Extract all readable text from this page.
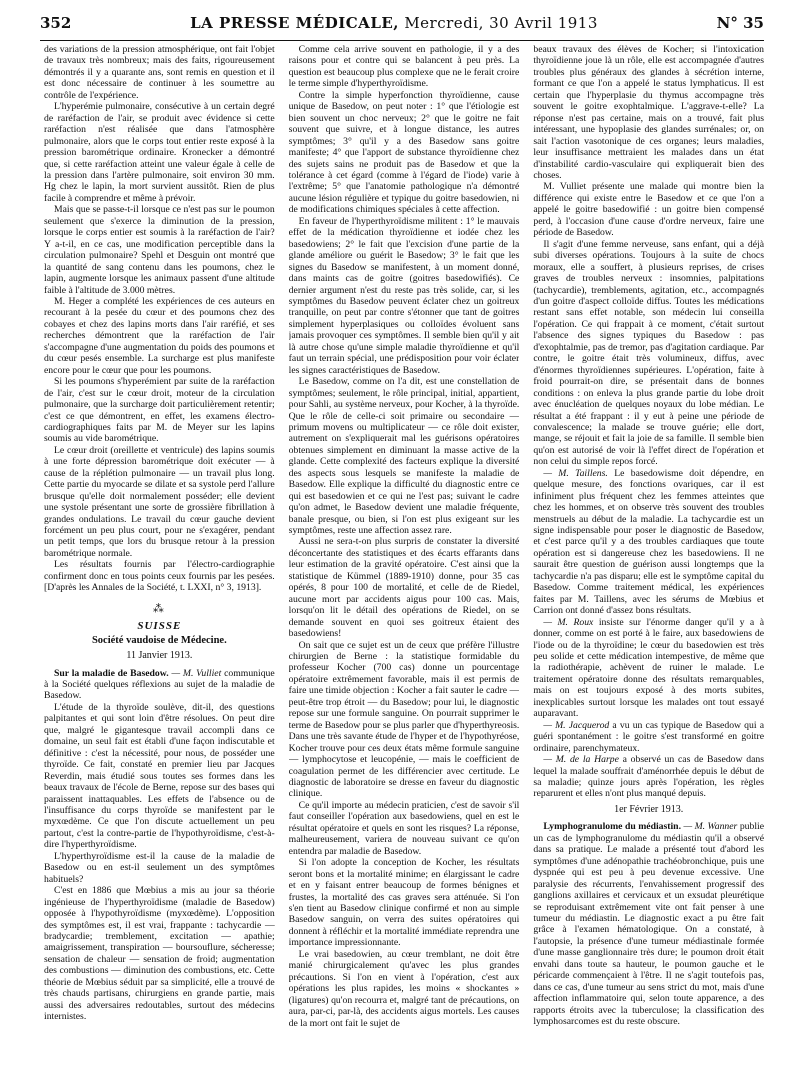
352	LA PRESSE MÉDICALE, Mercredi, 30 Avril 1913	N° 35

des variations de la pression atmosphérique, ont fait l'objet de travaux très nombreux; mais des faits, rigoureusement démontrés il y a quarante ans, sont remis en question et il est donc nécessaire de continuer à les soumettre au contrôle de l'expérience.

L'hyperémie pulmonaire, consécutive à un certain degré de raréfaction de l'air, se produit avec évidence si cette raréfaction n'est réalisée que dans l'atmosphère pulmonaire, alors que le corps tout entier reste exposé à la pression barométrique ordinaire. Kronecker a démontré que, si cette raréfaction atteint une valeur égale à celle de la pression dans l'artère pulmonaire, soit environ 30 mm. Hg chez le lapin, la mort survient aussitôt. Rien de plus facile à comprendre et même à prévoir.

Mais que se passe-t-il lorsque ce n'est pas sur le poumon seulement que s'exerce la diminution de la pression, lorsque le corps entier est soumis à la raréfaction de l'air? Y a-t-il, en ce cas, une modification perceptible dans la circulation pulmonaire? Spehl et Desguin ont montré que la quantité de sang contenu dans les poumons, chez le lapin, augmente lorsque les animaux passent d'une altitude faible à l'altitude de 3.000 mètres.

M. Heger a complété les expériences de ces auteurs en recourant à la pesée du cœur et des poumons chez des cobayes et chez des lapins morts dans l'air raréfié, et ses recherches démontrent que la raréfaction de l'air s'accompagne d'une augmentation du poids des poumons et du cœur pesés ensemble. La surcharge est plus manifeste encore pour le cœur que pour les poumons.

Si les poumons s'hyperémient par suite de la raréfaction de l'air, c'est sur le cœur droit, moteur de la circulation pulmonaire, que la surcharge doit particulièrement retentir; c'est ce que démontrent, en effet, les examens électro-cardiographiques faits par M. de Meyer sur les lapins soumis au vide barométrique.

Le cœur droit (oreillette et ventricule) des lapins soumis à une forte dépression barométrique doit exécuter — à cause de la réplétion pulmonaire — un travail plus long. Cette partie du myocarde se dilate et sa systole perd l'allure brusque qu'elle doit normalement posséder; elle devient une systole présentant une sorte de grossière fibrillation à grandes ondulations. Le travail du cœur gauche devient forcément un peu plus court, pour ne s'exagérer, pendant un petit temps, que lors du brusque retour à la pression barométrique normale.

Les résultats fournis par l'électro-cardiographie confirment donc en tous points ceux fournis par les pesées. [D'après les Annales de la Société, t. LXXI, n° 3, 1913].

⁂
SUISSE
Société vaudoise de Médecine.
11 Janvier 1913.

Sur la maladie de Basedow. — M. Vulliet communique à la Société quelques réflexions au sujet de la maladie de Basedow.

L'étude de la thyroïde soulève, dit-il, des questions palpitantes et qui sont loin d'être résolues. On peut dire que, malgré le gigantesque travail accompli dans ce domaine, un seul fait est établi d'une façon indiscutable et définitive : c'est la nécessité, pour nous, de posséder une thyroïde. Ce fait, constaté en premier lieu par Jacques Reverdin, mais étudié sous toutes ses formes dans les beaux travaux de l'école de Berne, repose sur des bases qui paraissent inattaquables. Les effets de l'absence ou de l'insuffisance du corps thyroïde se manifestent par le myxœdème. Ce que l'on discute actuellement un peu partout, c'est la contre-partie de l'hypothyroïdisme, c'est-à-dire l'hyperthyroïdisme.

L'hyperthyroïdisme est-il la cause de la maladie de Basedow ou en est-il seulement un des symptômes habituels?

C'est en 1886 que Mœbius a mis au jour sa théorie ingénieuse de l'hyperthyroïdisme (maladie de Basedow) opposée à l'hypothyroïdisme (myxœdème). L'opposition des symptômes est, il est vrai, frappante : tachycardie — bradycardie; tremblement, excitation — apathie; amaigrissement, transpiration — boursouflure, sécheresse; sensation de chaleur — sensation de froid; augmentation des combustions — diminution des combustions, etc. Cette théorie de Mœbius séduit par sa simplicité, elle a trouvé de très chauds partisans, chirurgiens en grande partie, mais aussi des adversaires redoutables, surtout des médecins internistes.

Comme cela arrive souvent en pathologie, il y a des raisons pour et contre qui se balancent à peu près. La question est beaucoup plus complexe que ne le ferait croire le terme simple d'hyperthyroïdisme.

Contre la simple hyperfonction thyroïdienne, cause unique de Basedow, on peut noter : 1° que l'étiologie est bien souvent un choc nerveux; 2° que le goitre ne fait souvent que suivre, et à longue distance, les autres symptômes; 3° qu'il y a des Basedow sans goitre manifeste; 4° que l'apport de substance thyroïdienne chez des sujets sains ne produit pas de Basedow et que la tolérance à cet égard (comme à l'égard de l'iode) varie à l'extrême; 5° que l'anatomie pathologique n'a démontré aucune lésion régulière et typique du goitre basedowien, ni de modifications chimiques spéciales à cette affection.

En faveur de l'hyperthyroïdisme militent : 1° le mauvais effet de la médication thyroïdienne et iodée chez les basedowiens; 2° le fait que l'excision d'une partie de la glande améliore ou guérit le Basedow; 3° le fait que les signes du Basedow se manifestent, à un moment donné, dans maints cas de goitre (goitres basedowifiés). Ce dernier argument n'est du reste pas très solide, car, si les symptômes du Basedow peuvent éclater chez un goitreux tranquille, on peut par contre s'étonner que tant de goitres simplement hyperplasiques ou colloïdes évoluent sans jamais provoquer ces symptômes. Il semble bien qu'il y ait là autre chose qu'une simple maladie thyroïdienne et qu'il faut un terrain spécial, une prédisposition pour voir éclater les signes caractéristiques de Basedow.

Le Basedow, comme on l'a dit, est une constellation de symptômes; seulement, le rôle principal, initial, appartient, pour Sahli, au système nerveux, pour Kocher, à la thyroïde. Que le rôle de celle-ci soit primaire ou secondaire — primum movens ou multiplicateur — ce rôle doit exister, autrement on s'expliquerait mal les guérisons opératoires obtenues simplement en diminuant la masse active de la glande. Cette complexité des facteurs explique la diversité des aspects sous lesquels se manifeste la maladie de Basedow. Elle explique la difficulté du diagnostic entre ce qui est basedowien et ce qui ne l'est pas; suivant le cadre qu'on admet, le Basedow devient une maladie fréquente, banale presque, ou bien, si l'on est plus exigeant sur les symptômes, reste une affection assez rare.

Aussi ne sera-t-on plus surpris de constater la diversité déconcertante des statistiques et des écarts effarants dans leur estimation de la gravité opératoire. C'est ainsi que la statistique de Kümmel (1889-1910) donne, pour 35 cas opérés, 8 pour 100 de mortalité, et celle de de Riedel, aucune mort par accidents aigus pour 100 cas. Mais, lorsqu'on lit le détail des opérations de Riedel, on se demande souvent en quoi ses goitreux étaient des basedowiens!

On sait que ce sujet est un de ceux que préfère l'illustre chirurgien de Berne : la statistique formidable du professeur Kocher (700 cas) donne un pourcentage opératoire extrêmement favorable, mais il est permis de faire une timide objection : Kocher a fait sauter le cadre — peut-être trop étroit — du Basedow; pour lui, le diagnostic repose sur une formule sanguine. On pourrait supprimer le terme de Basedow pour se plus parler que d'hyperthyreosis. Dans une très savante étude de l'hyper et de l'hypothyréose, Kocher trouve pour ces deux états même formule sanguine — lymphocytose et leucopénie, — mais le coefficient de coagulation permet de les différencier avec certitude. Le diagnostic de laboratoire se dresse en faveur du diagnostic clinique.

Ce qu'il importe au médecin praticien, c'est de savoir s'il faut conseiller l'opération aux basedowiens, quel en est le résultat opératoire et quels en sont les risques? La réponse, malheureusement, variera de nouveau suivant ce qu'on entendra par maladie de Basedow.

Si l'on adopte la conception de Kocher, les résultats seront bons et la mortalité minime; en élargissant le cadre et en y faisant entrer beaucoup de formes bénignes et frustes, la mortalité des cas graves sera atténuée. Si l'on s'en tient au Basedow clinique confirmé et non au simple Basedow sanguin, on verra des suites opératoires qui donnent à réfléchir et la mortalité immédiate reprendra une importance impressionnante.

Le vrai basedowien, au cœur tremblant, ne doit être manié chirurgicalement qu'avec les plus grandes précautions. Si l'on en vient à l'opération, c'est aux opérations les plus rapides, les moins « shockantes » (ligatures) qu'on recourra et, malgré tant de précautions, on aura, par-ci, par-là, des accidents aigus mortels. Les causes de la mort ont fait le sujet de

beaux travaux des élèves de Kocher; si l'intoxication thyroïdienne joue là un rôle, elle est accompagnée d'autres troubles plus généraux des glandes à sécrétion interne, formant ce que l'on a appelé le status lymphaticus. Il est certain que l'hyperplasie du thymus accompagne très souvent le goitre exophtalmique. L'aggrave-t-elle? La réponse n'est pas certaine, mais on a trouvé, fait plus intéressant, une hypoplasie des glandes surrénales; or, on sait l'action vasotonique de ces organes; leurs maladies, leur insuffisance mettraient les malades dans un état d'instabilité cardio-vasculaire qui expliquerait bien des choses.

M. Vulliet présente une malade qui montre bien la différence qui existe entre le Basedow et ce que l'on a appelé le goitre basedowifié : un goitre bien compensé perd, à l'occasion d'une cause d'ordre nerveux, faire une période de Basedow.

Il s'agit d'une femme nerveuse, sans enfant, qui a déjà subi diverses opérations. Toujours à la suite de chocs moraux, elle a souffert, à plusieurs reprises, de crises graves de troubles nerveux : insomnies, palpitations (tachycardie), tremblements, agitation, etc., accompagnés d'un goitre d'aspect colloïde diffus. Toutes les médications restant sans effet notable, son médecin lui conseilla l'opération. Ce qui frappait à ce moment, c'était surtout l'absence des signes typiques du Basedow : pas d'exophtalmie, pas de tremor, pas d'agitation cardiaque. Par contre, le goitre était très volumineux, diffus, avec d'énormes thyroïdiennes supérieures. L'opération, faite à froid pourrait-on dire, se présentait dans de bonnes conditions : on enleva la plus grande partie du lobe droit avec énucléation de quelques noyaux du lobe médian. Le résultat a été frappant : il y eut à peine une période de convalescence; la malade se trouve guérie; elle dort, mange, se réjouit et fait la joie de sa famille. Il semble bien qu'on est autorisé de voir là l'effet direct de l'opération et non celui du simple repos forcé.

— M. Taillens. Le basedowisme doit dépendre, en quelque mesure, des fonctions ovariques, car il est infiniment plus fréquent chez les femmes atteintes que chez les hommes, et on observe très souvent des troubles menstruels au début de la maladie. La tachycardie est un signe indispensable pour poser le diagnostic de Basedow, et c'est parce qu'il y a des troubles cardiaques que toute opération est si dangereuse chez les basedowiens. Il ne saurait être question de guérison aussi longtemps que la tachycardie n'a pas disparu; elle est le symptôme capital du Basedow. Comme traitement médical, les expériences faites par M. Taillens, avec les sérums de Mœbius et Carrion ont donné d'assez bons résultats.

— M. Roux insiste sur l'énorme danger qu'il y a à donner, comme on est porté à le faire, aux basedowiens de l'iode ou de la thyroïdine; le cœur du basedowien est très peu solide et cette médication intempestive, de même que la radiothérapie, achèvent de ruiner le malade. Le traitement opératoire donne des résultats remarquables, mais on est toujours exposé à des morts subites, inexplicables surtout lorsque les malades ont tout essayé auparavant.

— M. Jacquerod a vu un cas typique de Basedow qui a guéri spontanément : le goitre s'est transformé en goitre ordinaire, parenchymateux.

— M. de la Harpe a observé un cas de Basedow dans lequel la malade souffrait d'aménorrhée depuis le début de sa maladie; quinze jours après l'opération, les règles reparurent et elles n'ont plus manqué depuis.

1er Février 1913.

Lymphogranulome du médiastin. — M. Wanner publie un cas de lymphogranulome du médiastin qu'il a observé dans sa pratique. Le malade a présenté tout d'abord les symptômes d'une adénopathie trachéobronchique, puis une dyspnée qui est peu à peu devenue excessive. Une paralysie des récurrents, l'envahissement progressif des ganglions axillaires et cervicaux et un exsudat pleurétique se reproduisant extrêmement vite ont fait penser à une tumeur du médiastin. Le diagnostic exact a pu être fait grâce à l'examen hématologique. On a constaté, à l'autopsie, la présence d'une tumeur médiastinale formée d'une masse ganglionnaire très dure; le poumon droit était envahi dans toute sa hauteur, le poumon gauche et le péricarde commençaient à l'être. Il ne s'agit toutefois pas, dans ce cas, d'une tumeur au sens strict du mot, mais d'une affection inflammatoire qui, selon toute apparence, a des rapports étroits avec la tuberculose; la classification des lymphosarcomes est du reste obscure.
